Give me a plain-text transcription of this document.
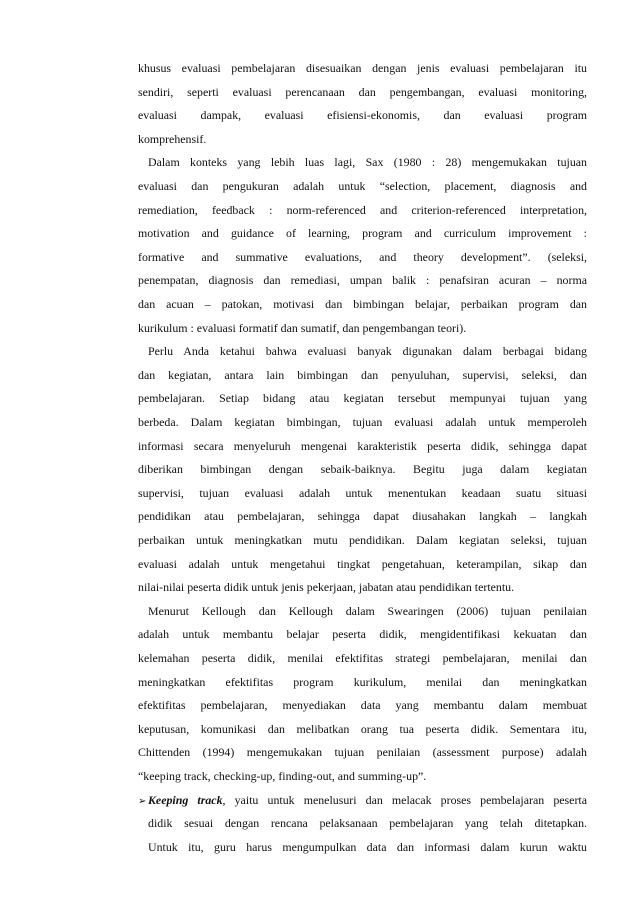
khusus evaluasi pembelajaran disesuaikan dengan jenis evaluasi pembelajaran itu
sendiri, seperti evaluasi perencanaan dan pengembangan, evaluasi monitoring,
evaluasi dampak, evaluasi efisiensi-ekonomis, dan evaluasi program
komprehensif.
Dalam konteks yang lebih luas lagi, Sax (1980 : 28) mengemukakan tujuan
evaluasi dan pengukuran adalah untuk “selection, placement, diagnosis and
remediation, feedback : norm-referenced and criterion-referenced interpretation,
motivation and guidance of learning, program and curriculum improvement :
formative and summative evaluations, and theory development”. (seleksi,
penempatan, diagnosis dan remediasi, umpan balik : penafsiran acuran – norma
dan acuan – patokan, motivasi dan bimbingan belajar, perbaikan program dan
kurikulum : evaluasi formatif dan sumatif, dan pengembangan teori).
Perlu Anda ketahui bahwa evaluasi banyak digunakan dalam berbagai bidang
dan kegiatan, antara lain bimbingan dan penyuluhan, supervisi, seleksi, dan
pembelajaran. Setiap bidang atau kegiatan tersebut mempunyai tujuan yang
berbeda. Dalam kegiatan bimbingan, tujuan evaluasi adalah untuk memperoleh
informasi secara menyeluruh mengenai karakteristik peserta didik, sehingga dapat
diberikan bimbingan dengan sebaik-baiknya. Begitu juga dalam kegiatan
supervisi, tujuan evaluasi adalah untuk menentukan keadaan suatu situasi
pendidikan atau pembelajaran, sehingga dapat diusahakan langkah – langkah
perbaikan untuk meningkatkan mutu pendidikan. Dalam kegiatan seleksi, tujuan
evaluasi adalah untuk mengetahui tingkat pengetahuan, keterampilan, sikap dan
nilai-nilai peserta didik untuk jenis pekerjaan, jabatan atau pendidikan tertentu.
Menurut Kellough dan Kellough dalam Swearingen (2006) tujuan penilaian
adalah untuk membantu belajar peserta didik, mengidentifikasi kekuatan dan
kelemahan peserta didik, menilai efektifitas strategi pembelajaran, menilai dan
meningkatkan efektifitas program kurikulum, menilai dan meningkatkan
efektifitas pembelajaran, menyediakan data yang membantu dalam membuat
keputusan, komunikasi dan melibatkan orang tua peserta didik. Sementara itu,
Chittenden (1994) mengemukakan tujuan penilaian (assessment purpose) adalah
“keeping track, checking-up, finding-out, and summing-up”.
➢ Keeping track, yaitu untuk menelusuri dan melacak proses pembelajaran peserta
didik sesuai dengan rencana pelaksanaan pembelajaran yang telah ditetapkan.
Untuk itu, guru harus mengumpulkan data dan informasi dalam kurun waktu
